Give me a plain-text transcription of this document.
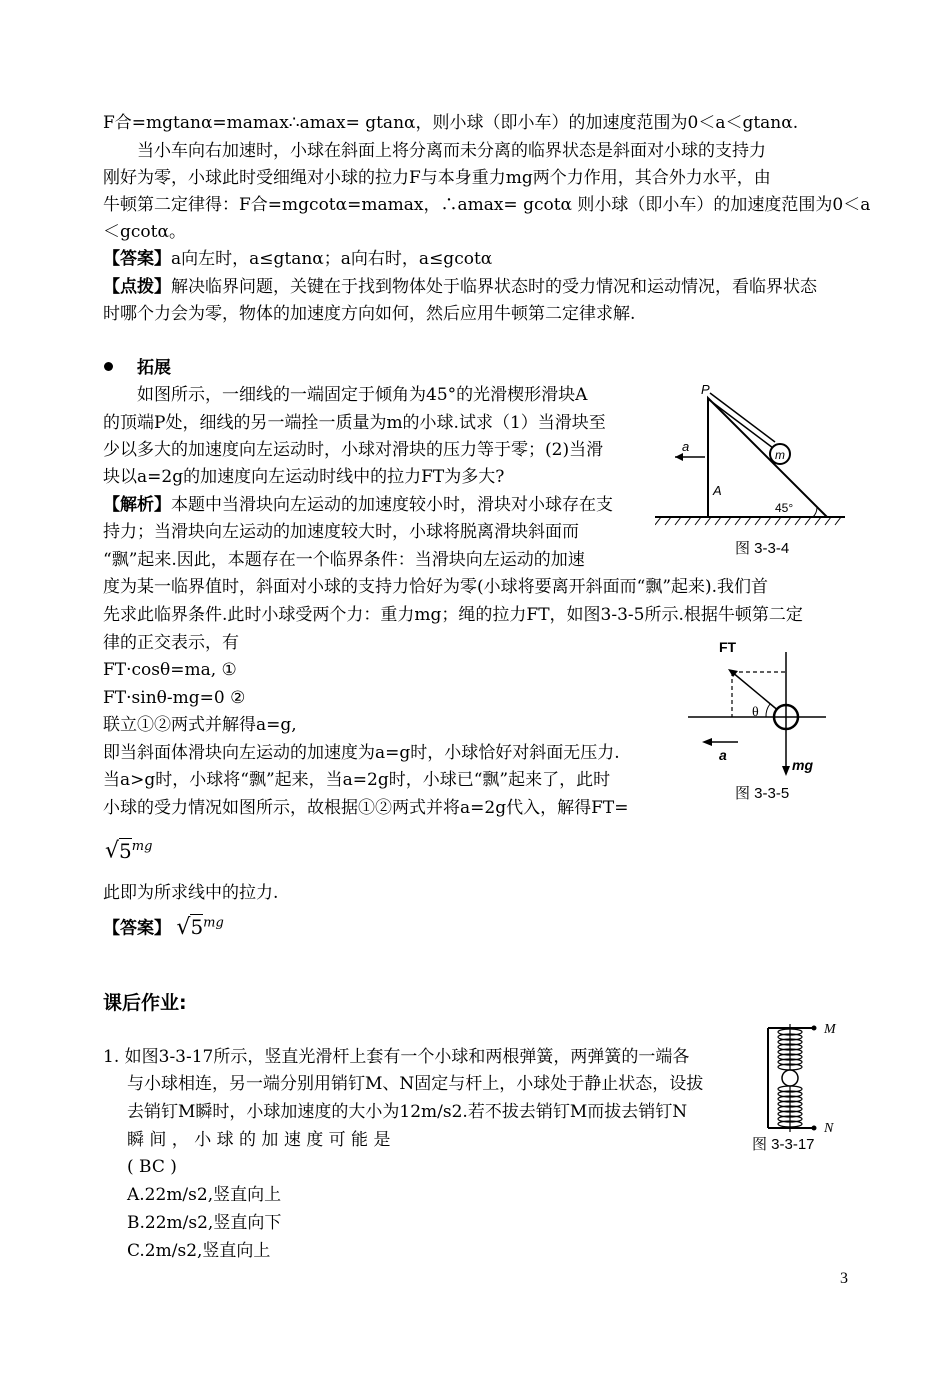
F合=mgtanα=mamax∴amax= gtanα，则小球（即小车）的加速度范围为0＜a＜gtanα.
当小车向右加速时，小球在斜面上将分离而未分离的临界状态是斜面对小球的支持力
刚好为零，小球此时受细绳对小球的拉力F与本身重力mg两个力作用，其合外力水平，由
牛顿第二定律得：F合=mgcotα=mamax，∴amax= gcotα 则小球（即小车）的加速度范围为0＜a
＜gcotα。
【答案】a向左时，a≤gtanα；a向右时，a≤gcotα
【点拨】解决临界问题，关键在于找到物体处于临界状态时的受力情况和运动情况，看临界状态
时哪个力会为零，物体的加速度方向如何，然后应用牛顿第二定律求解.
拓展
如图所示，一细线的一端固定于倾角为45°的光滑楔形滑块A
的顶端P处，细线的另一端拴一质量为m的小球.试求（1）当滑块至
少以多大的加速度向左运动时，小球对滑块的压力等于零；(2)当滑
块以a=2g的加速度向左运动时线中的拉力FT为多大?
【解析】本题中当滑块向左运动的加速度较小时，滑块对小球存在支
持力；当滑块向左运动的加速度较大时，小球将脱离滑块斜面而
“飘”起来.因此，本题存在一个临界条件：当滑块向左运动的加速
度为某一临界值时，斜面对小球的支持力恰好为零(小球将要离开斜面而“飘”起来).我们首
先求此临界条件.此时小球受两个力：重力mg；绳的拉力FT，如图3-3-5所示.根据牛顿第二定
律的正交表示，有
FT·cosθ=ma, ①
FT·sinθ-mg=0 ②
联立①②两式并解得a=g,
即当斜面体滑块向左运动的加速度为a=g时，小球恰好对斜面无压力.
当a>g时，小球将“飘”起来，当a=2g时，小球已“飘”起来了，此时
小球的受力情况如图所示，故根据①②两式并将a=2g代入，解得FT=
$√5^{mg}$
此即为所求线中的拉力.
【答案】 $√5^{mg}$
P
a
A
m
45°
图 3-3-4
FT
θ
a
mg
图 3-3-5
课后作业:
1. 如图3-3-17所示，竖直光滑杆上套有一个小球和两根弹簧，两弹簧的一端各
与小球相连，另一端分别用销钉M、N固定与杆上，小球处于静止状态，设拔
去销钉M瞬时，小球加速度的大小为12m/s2.若不拔去销钉M而拔去销钉N
瞬 间 ， 小 球 的 加 速 度 可 能 是
( BC )
A.22m/s2,竖直向上
B.22m/s2,竖直向下
C.2m/s2,竖直向上
M
N
图 3-3-17
3
